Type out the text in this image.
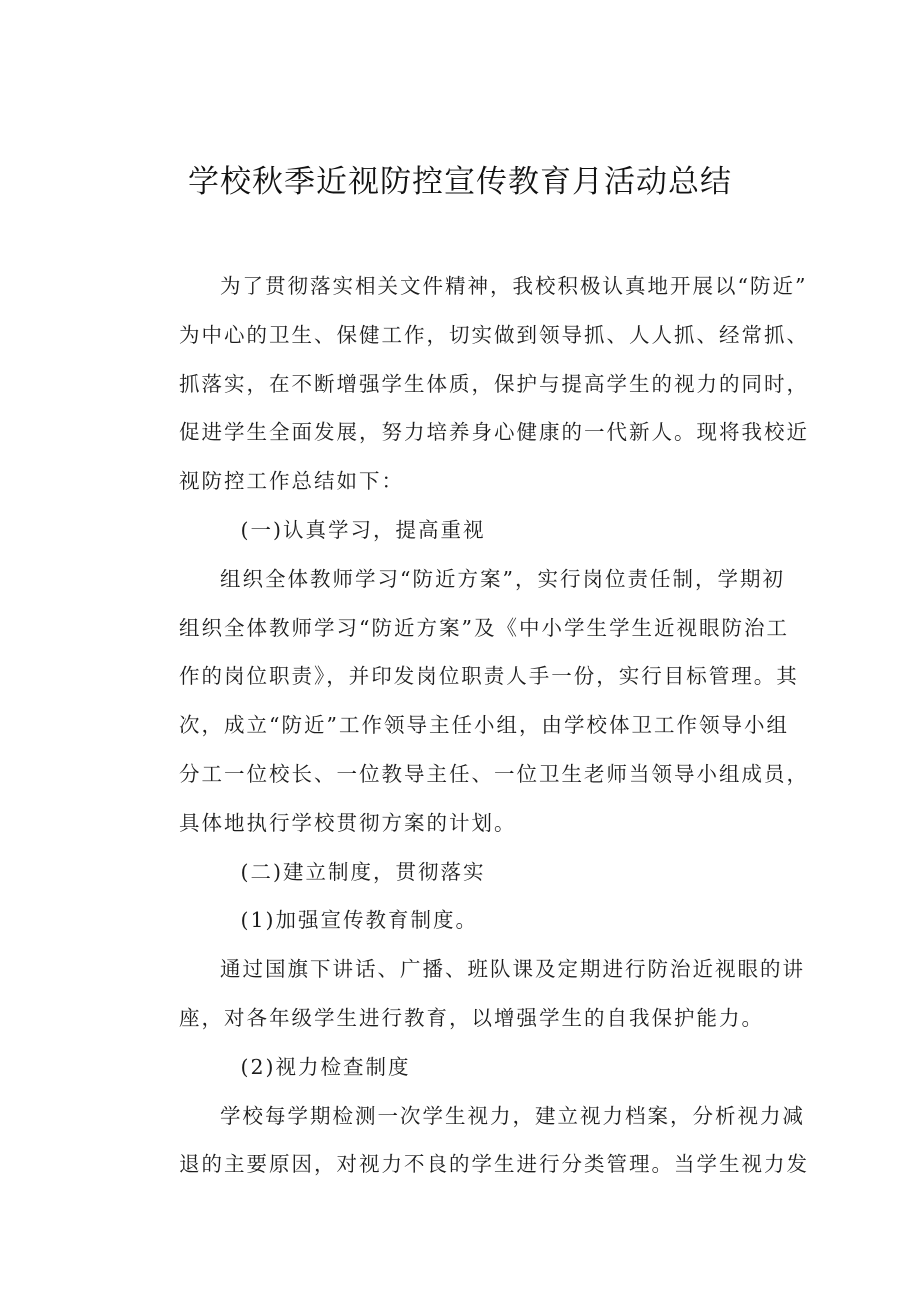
学校秋季近视防控宣传教育月活动总结
为了贯彻落实相关文件精神，我校积极认真地开展以“防近”
为中心的卫生、保健工作，切实做到领导抓、人人抓、经常抓、
抓落实，在不断增强学生体质，保护与提高学生的视力的同时，
促进学生全面发展，努力培养身心健康的一代新人。现将我校近
视防控工作总结如下：
(一)认真学习，提高重视
组织全体教师学习“防近方案”，实行岗位责任制，学期初
组织全体教师学习“防近方案”及《中小学生学生近视眼防治工
作的岗位职责》，并印发岗位职责人手一份，实行目标管理。其
次，成立“防近”工作领导主任小组，由学校体卫工作领导小组
分工一位校长、一位教导主任、一位卫生老师当领导小组成员，
具体地执行学校贯彻方案的计划。
(二)建立制度，贯彻落实
(1)加强宣传教育制度。
通过国旗下讲话、广播、班队课及定期进行防治近视眼的讲
座，对各年级学生进行教育，以增强学生的自我保护能力。
(2)视力检查制度
学校每学期检测一次学生视力，建立视力档案，分析视力减
退的主要原因，对视力不良的学生进行分类管理。当学生视力发
